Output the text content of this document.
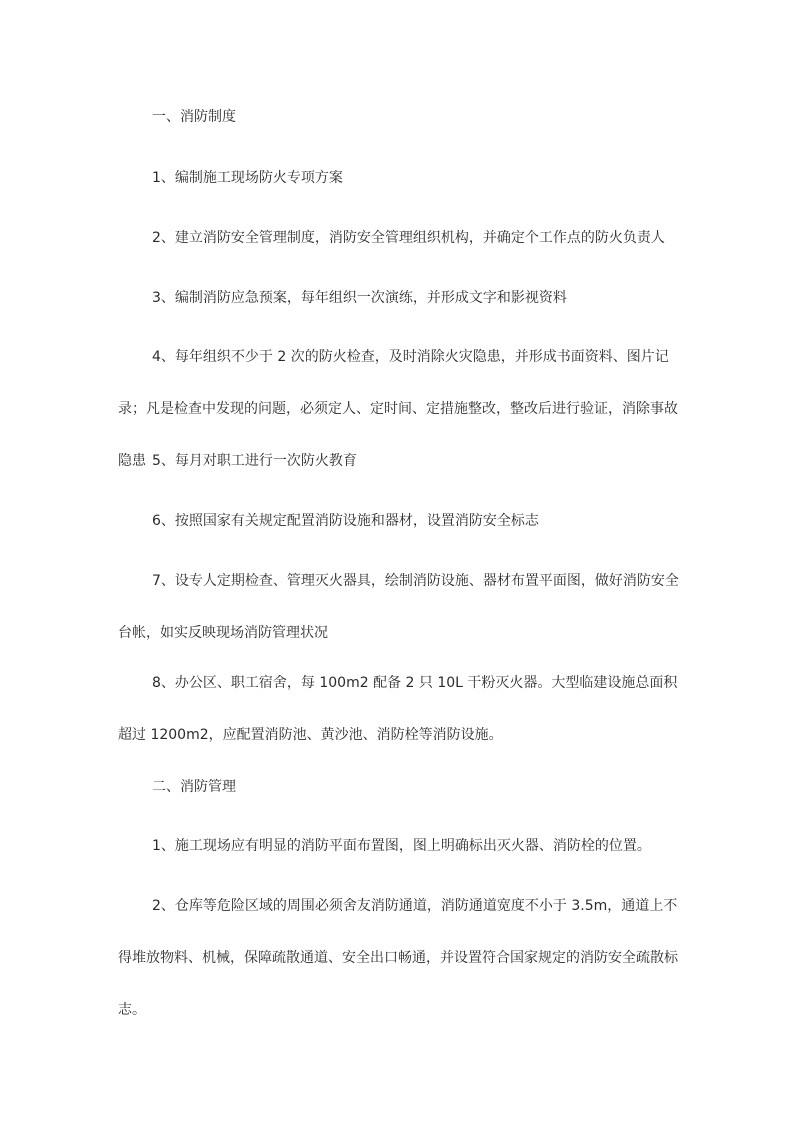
一、消防制度

1、编制施工现场防火专项方案

2、建立消防安全管理制度，消防安全管理组织机构，并确定个工作点的防火负责人

3、编制消防应急预案，每年组织一次演练，并形成文字和影视资料

4、每年组织不少于 2 次的防火检查，及时消除火灾隐患，并形成书面资料、图片记录；凡是检查中发现的问题，必须定人、定时间、定措施整改，整改后进行验证，消除事故隐患 5、每月对职工进行一次防火教育

6、按照国家有关规定配置消防设施和器材，设置消防安全标志

7、设专人定期检查、管理灭火器具，绘制消防设施、器材布置平面图，做好消防安全台帐，如实反映现场消防管理状况

8、办公区、职工宿舍，每 100m2 配备 2 只 10L 干粉灭火器。大型临建设施总面积超过 1200m2，应配置消防池、黄沙池、消防栓等消防设施。

二、消防管理

1、施工现场应有明显的消防平面布置图，图上明确标出灭火器、消防栓的位置。

2、仓库等危险区域的周围必须舍友消防通道，消防通道宽度不小于 3.5m，通道上不得堆放物料、机械，保障疏散通道、安全出口畅通，并设置符合国家规定的消防安全疏散标志。
